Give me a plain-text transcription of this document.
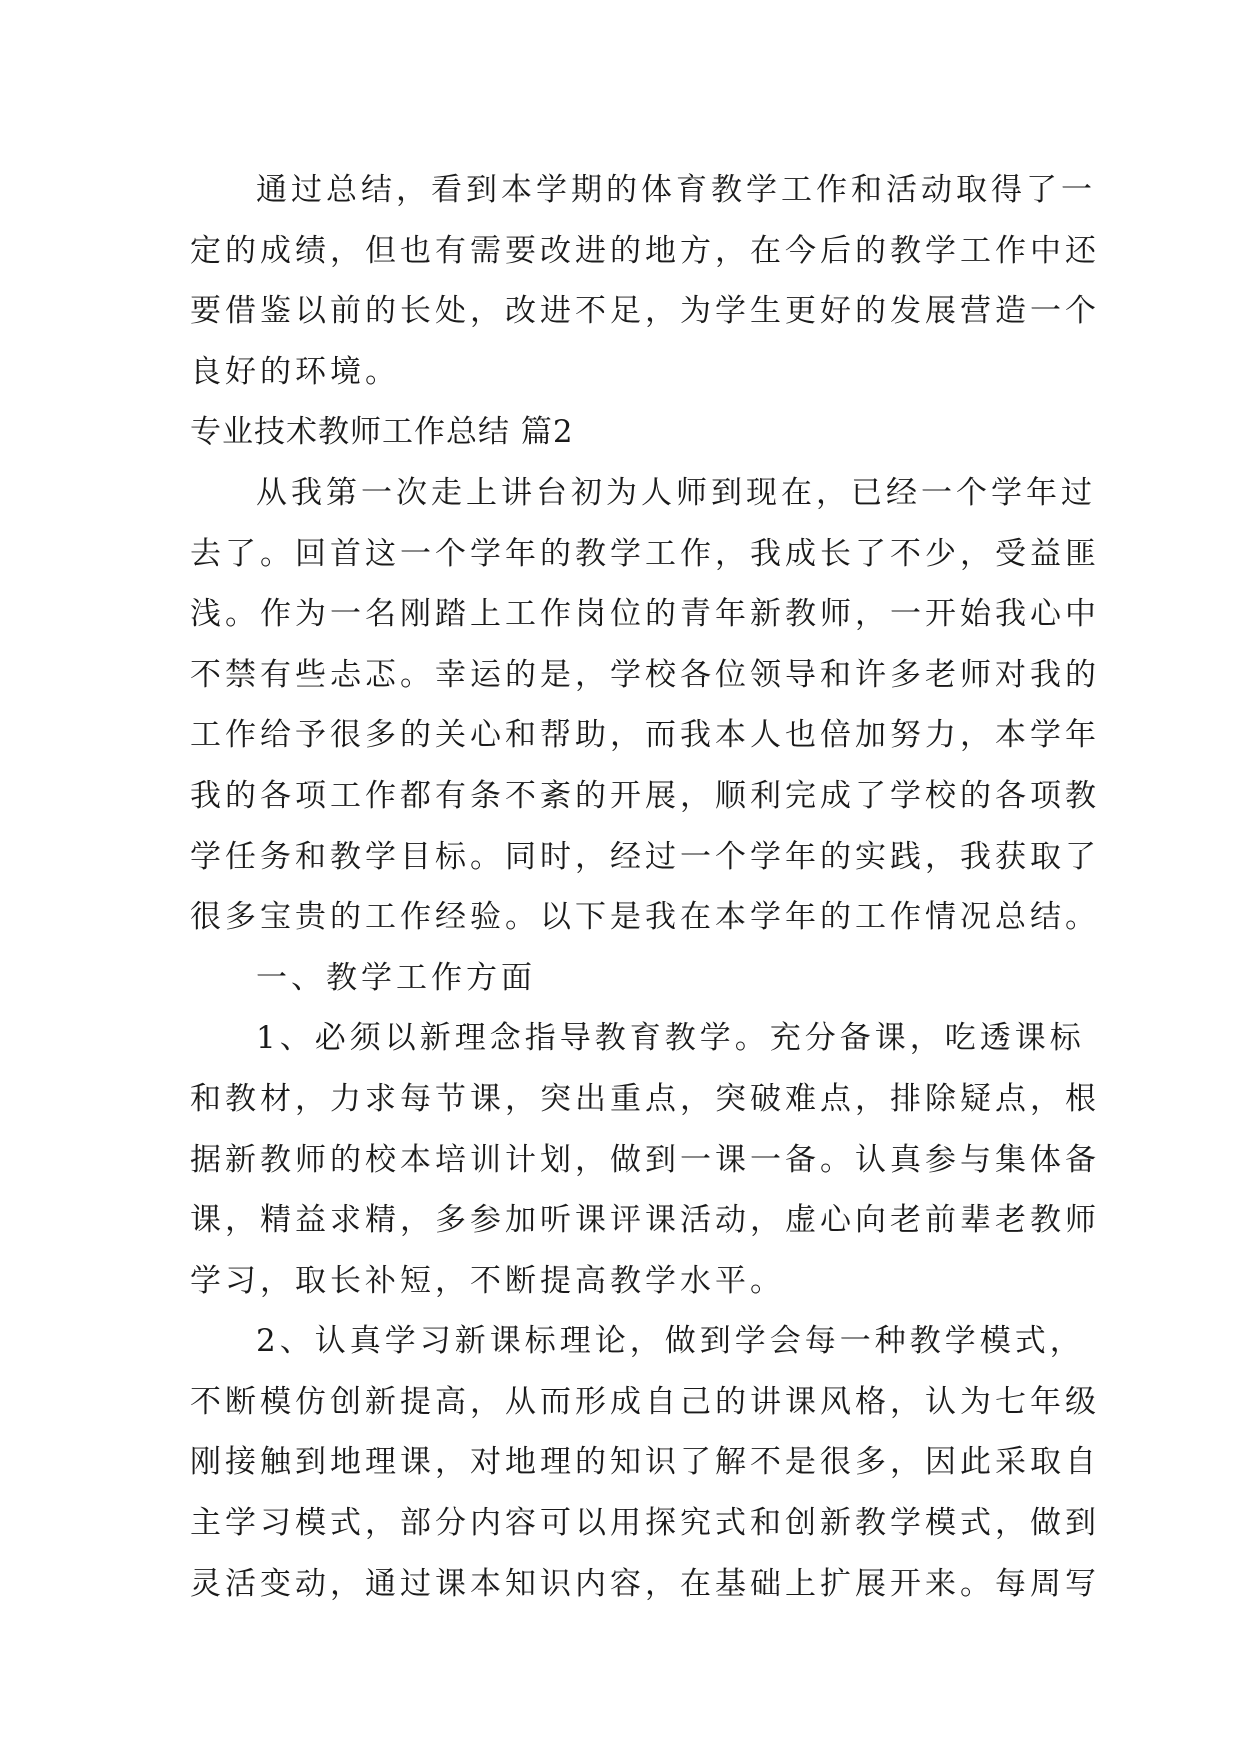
通过总结，看到本学期的体育教学工作和活动取得了一
定的成绩，但也有需要改进的地方，在今后的教学工作中还
要借鉴以前的长处，改进不足，为学生更好的发展营造一个
良好的环境。
专业技术教师工作总结 篇2
从我第一次走上讲台初为人师到现在，已经一个学年过
去了。回首这一个学年的教学工作，我成长了不少，受益匪
浅。作为一名刚踏上工作岗位的青年新教师，一开始我心中
不禁有些忐忑。幸运的是，学校各位领导和许多老师对我的
工作给予很多的关心和帮助，而我本人也倍加努力，本学年
我的各项工作都有条不紊的开展，顺利完成了学校的各项教
学任务和教学目标。同时，经过一个学年的实践，我获取了
很多宝贵的工作经验。以下是我在本学年的工作情况总结。
一、教学工作方面
1、必须以新理念指导教育教学。充分备课，吃透课标
和教材，力求每节课，突出重点，突破难点，排除疑点，根
据新教师的校本培训计划，做到一课一备。认真参与集体备
课，精益求精，多参加听课评课活动，虚心向老前辈老教师
学习，取长补短，不断提高教学水平。
2、认真学习新课标理论，做到学会每一种教学模式，
不断模仿创新提高，从而形成自己的讲课风格，认为七年级
刚接触到地理课，对地理的知识了解不是很多，因此采取自
主学习模式，部分内容可以用探究式和创新教学模式，做到
灵活变动，通过课本知识内容，在基础上扩展开来。每周写
